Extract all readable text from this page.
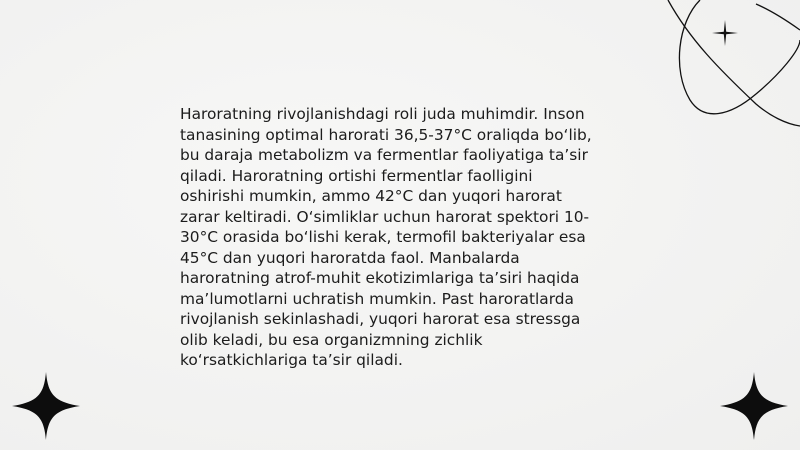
Haroratning rivojlanishdagi roli juda muhimdir. Inson
tanasining optimal harorati 36,5-37°C oraliqda bo‘lib,
bu daraja metabolizm va fermentlar faoliyatiga ta’sir
qiladi. Haroratning ortishi fermentlar faolligini
oshirishi mumkin, ammo 42°C dan yuqori harorat
zarar keltiradi. O‘simliklar uchun harorat spektori 10-
30°C orasida bo‘lishi kerak, termofil bakteriyalar esa
45°C dan yuqori haroratda faol. Manbalarda
haroratning atrof-muhit ekotizimlariga ta’siri haqida
ma’lumotlarni uchratish mumkin. Past haroratlarda
rivojlanish sekinlashadi, yuqori harorat esa stressga
olib keladi, bu esa organizmning zichlik
ko‘rsatkichlariga ta’sir qiladi.
